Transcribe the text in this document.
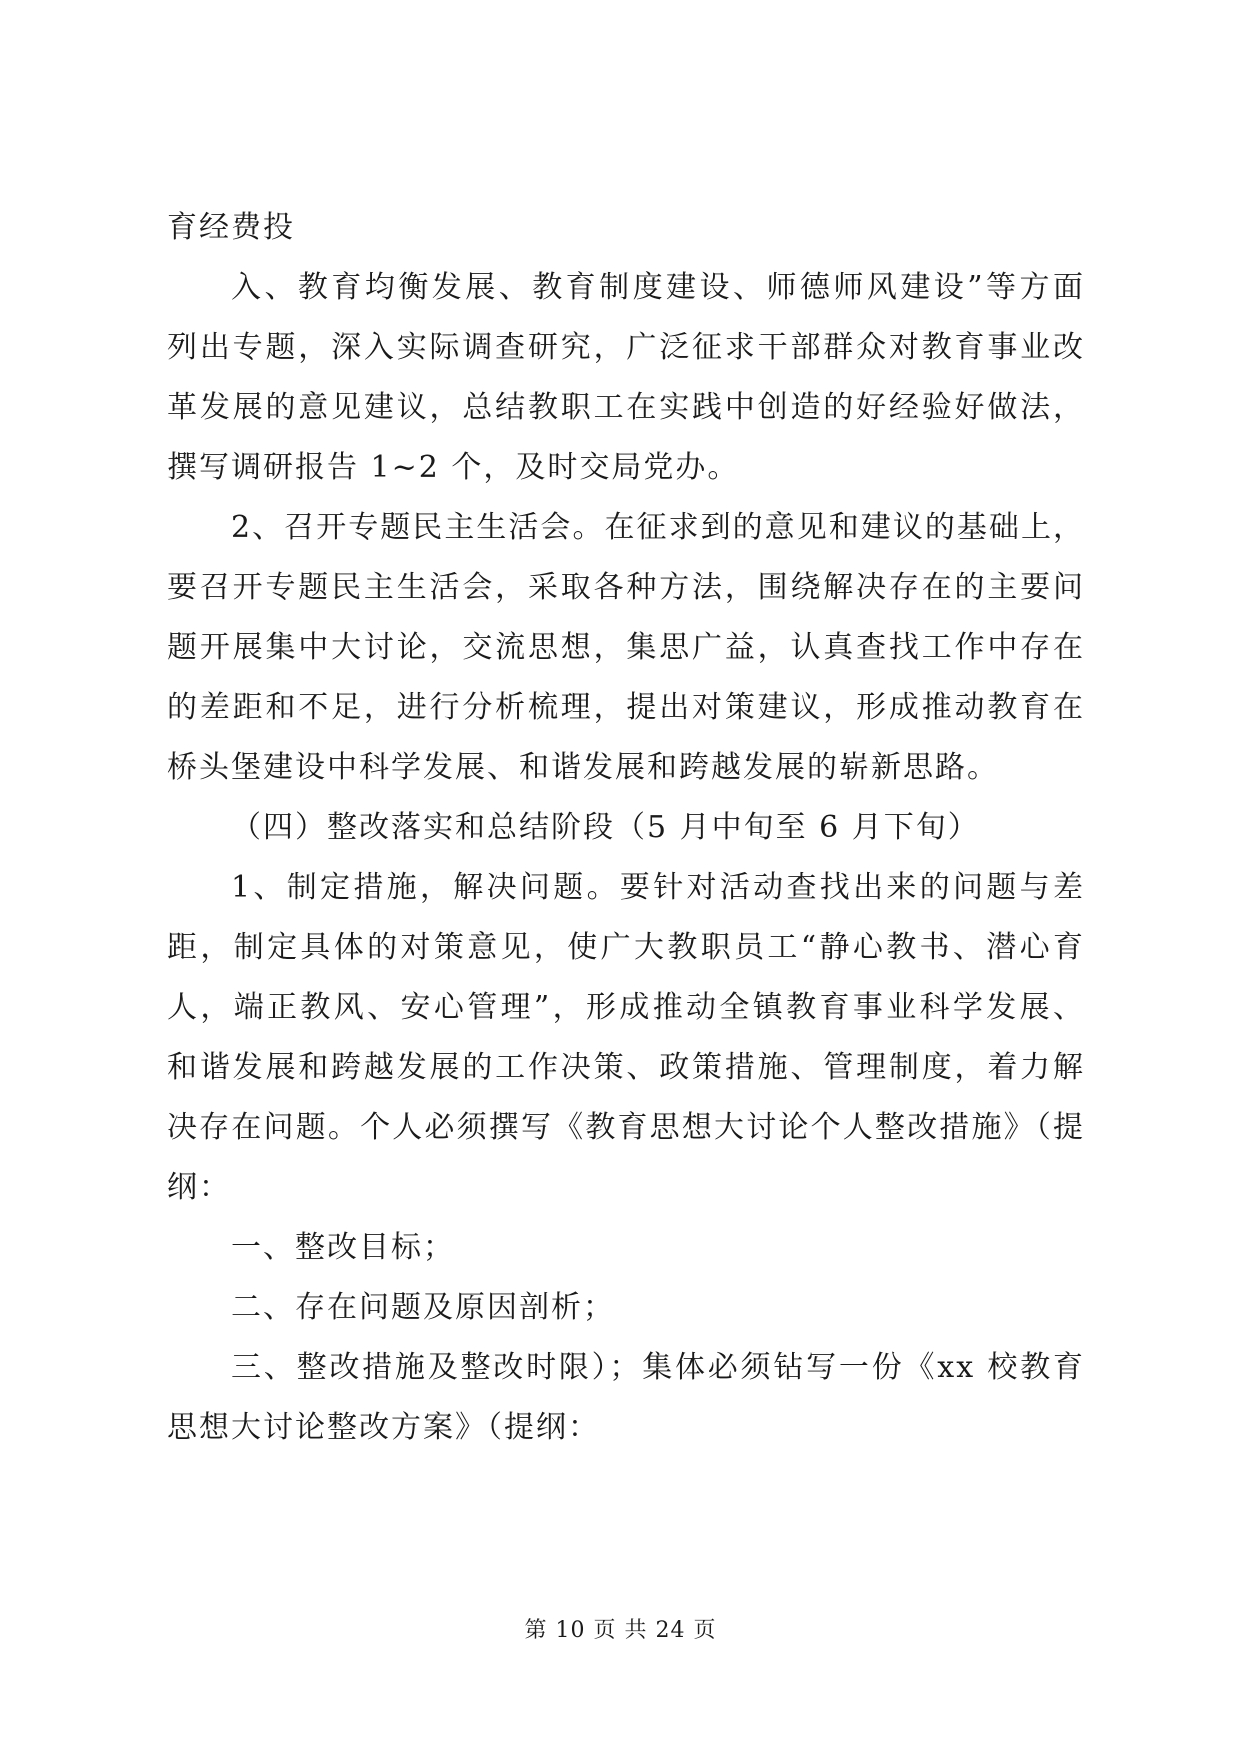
育经费投
入、教育均衡发展、教育制度建设、师德师风建设”等方面
列出专题，深入实际调查研究，广泛征求干部群众对教育事业改
革发展的意见建议，总结教职工在实践中创造的好经验好做法，
撰写调研报告 1~2 个，及时交局党办。
2、召开专题民主生活会。在征求到的意见和建议的基础上，
要召开专题民主生活会，采取各种方法，围绕解决存在的主要问
题开展集中大讨论，交流思想，集思广益，认真查找工作中存在
的差距和不足，进行分析梳理，提出对策建议，形成推动教育在
桥头堡建设中科学发展、和谐发展和跨越发展的崭新思路。
（四）整改落实和总结阶段（5 月中旬至 6 月下旬）
1、制定措施，解决问题。要针对活动查找出来的问题与差
距，制定具体的对策意见，使广大教职员工“静心教书、潜心育
人，端正教风、安心管理”，形成推动全镇教育事业科学发展、
和谐发展和跨越发展的工作决策、政策措施、管理制度，着力解
决存在问题。个人必须撰写《教育思想大讨论个人整改措施》（提
纲：
一、整改目标；
二、存在问题及原因剖析；
三、整改措施及整改时限）；集体必须钻写一份《xx 校教育
思想大讨论整改方案》（提纲：
第 10 页 共 24 页
